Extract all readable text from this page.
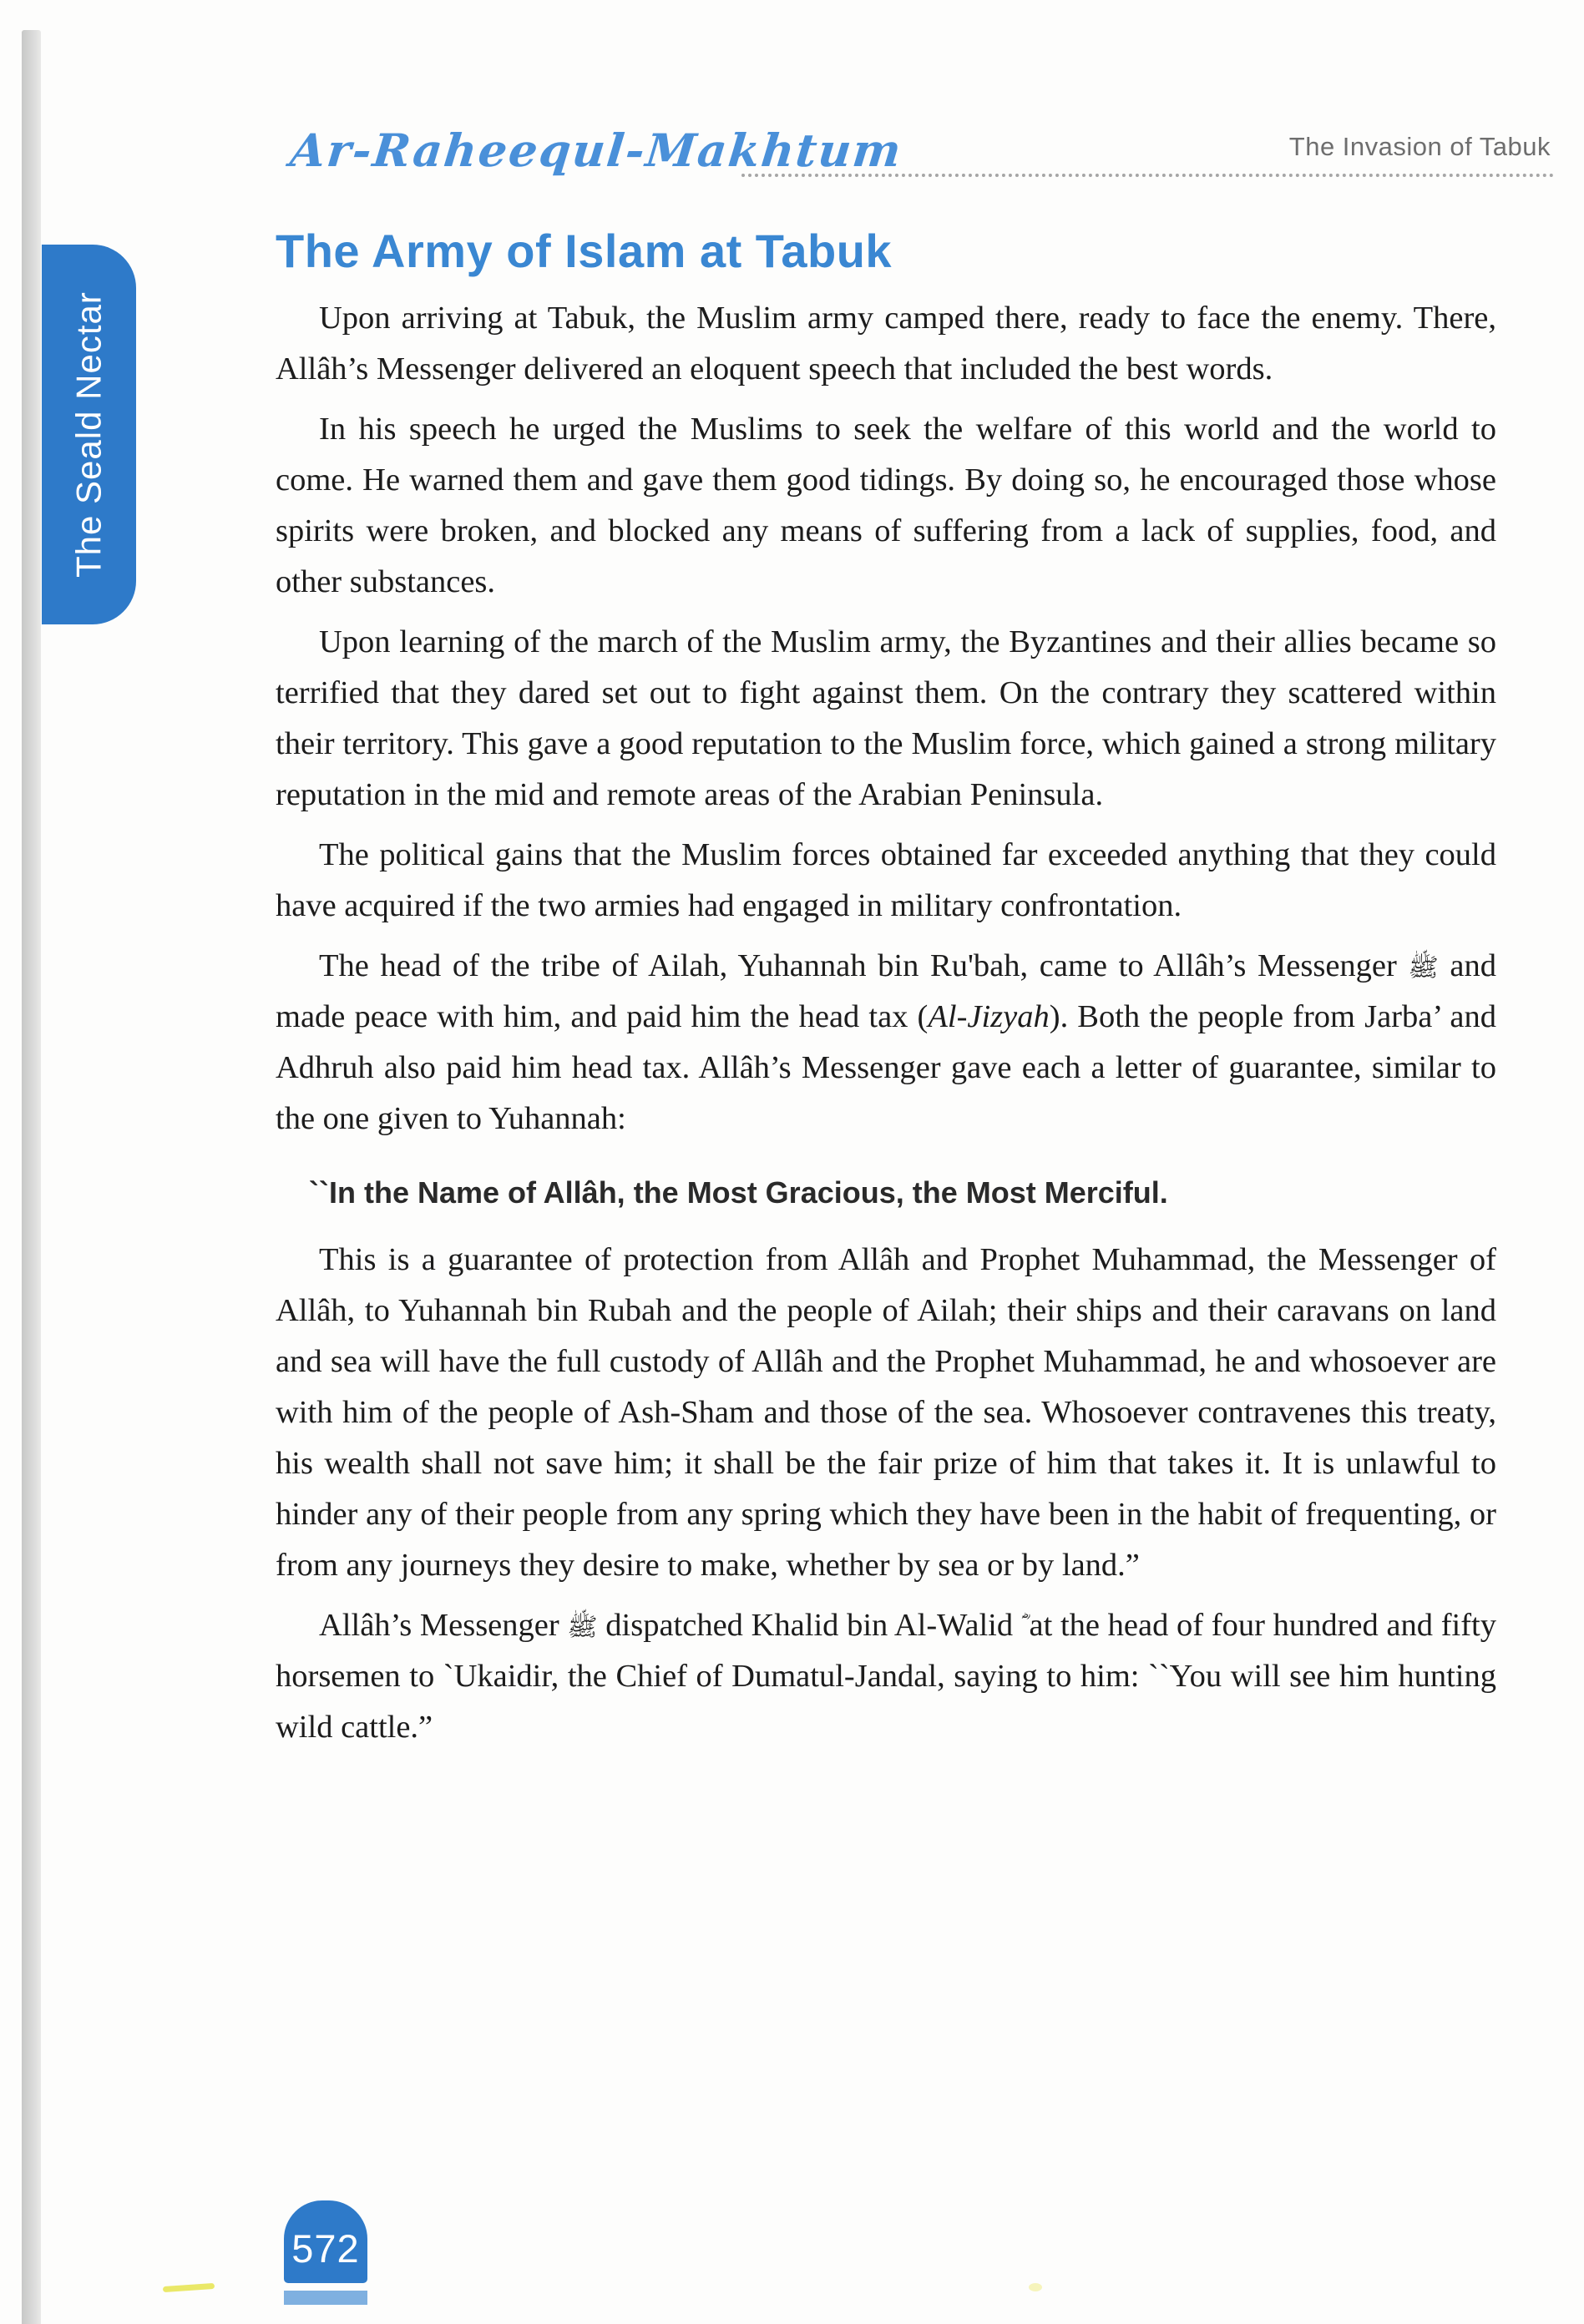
Ar-Raheequl-Makhtum	The Invasion of Tabuk
The Seald Nectar
The Army of Islam at Tabuk

Upon arriving at Tabuk, the Muslim army camped there, ready to face the enemy. There, Allâh’s Messenger delivered an eloquent speech that included the best words.

In his speech he urged the Muslims to seek the welfare of this world and the world to come. He warned them and gave them good tidings. By doing so, he encouraged those whose spirits were broken, and blocked any means of suffering from a lack of supplies, food, and other substances.

Upon learning of the march of the Muslim army, the Byzantines and their allies became so terrified that they dared set out to fight against them. On the contrary they scattered within their territory. This gave a good reputation to the Muslim force, which gained a strong military reputation in the mid and remote areas of the Arabian Peninsula.

The political gains that the Muslim forces obtained far exceeded anything that they could have acquired if the two armies had engaged in military confrontation.

The head of the tribe of Ailah, Yuhannah bin Ru'bah, came to Allâh’s Messenger ﷺ and made peace with him, and paid him the head tax (Al-Jizyah). Both the people from Jarba’ and Adhruh also paid him head tax. Allâh’s Messenger gave each a letter of guarantee, similar to the one given to Yuhannah:

``In the Name of Allâh, the Most Gracious, the Most Merciful.

This is a guarantee of protection from Allâh and Prophet Muhammad, the Messenger of Allâh, to Yuhannah bin Rubah and the people of Ailah; their ships and their caravans on land and sea will have the full custody of Allâh and the Prophet Muhammad, he and whosoever are with him of the people of Ash-Sham and those of the sea. Whosoever contravenes this treaty, his wealth shall not save him; it shall be the fair prize of him that takes it. It is unlawful to hinder any of their people from any spring which they have been in the habit of frequenting, or from any journeys they desire to make, whether by sea or by land.”

Allâh’s Messenger ﷺ dispatched Khalid bin Al-Walid at the head of four hundred and fifty horsemen to `Ukaidir, the Chief of Dumatul-Jandal, saying to him: ``You will see him hunting wild cattle.”

572
